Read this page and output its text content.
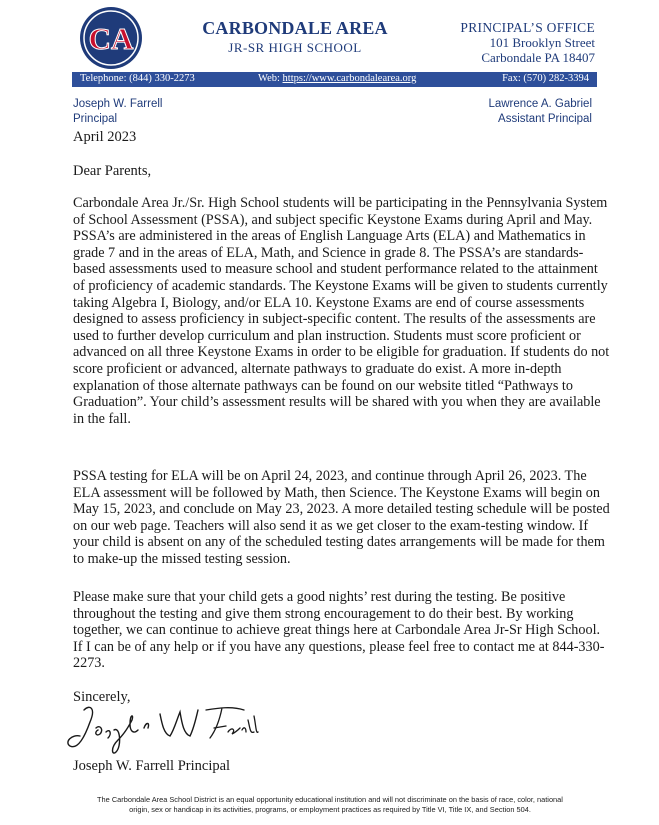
CA	CARBONDALE AREA
JR-SR HIGH SCHOOL
PRINCIPAL’S OFFICE
101 Brooklyn Street
Carbondale PA 18407
Telephone: (844) 330-2273	Web: https://www.carbondalearea.org	Fax: (570) 282-3394
Joseph W. Farrell
Principal
Lawrence A. Gabriel
Assistant Principal
April 2023
Dear Parents,

Carbondale Area Jr./Sr. High School students will be participating in the Pennsylvania System of School Assessment (PSSA), and subject specific Keystone Exams during April and May. PSSA’s are administered in the areas of English Language Arts (ELA) and Mathematics in grade 7 and in the areas of ELA, Math, and Science in grade 8. The PSSA’s are standards-based assessments used to measure school and student performance related to the attainment of proficiency of academic standards. The Keystone Exams will be given to students currently taking Algebra I, Biology, and/or ELA 10. Keystone Exams are end of course assessments designed to assess proficiency in subject-specific content. The results of the assessments are used to further develop curriculum and plan instruction. Students must score proficient or advanced on all three Keystone Exams in order to be eligible for graduation. If students do not score proficient or advanced, alternate pathways to graduate do exist. A more in-depth explanation of those alternate pathways can be found on our website titled “Pathways to Graduation”. Your child’s assessment results will be shared with you when they are available in the fall.

PSSA testing for ELA will be on April 24, 2023, and continue through April 26, 2023. The ELA assessment will be followed by Math, then Science. The Keystone Exams will begin on May 15, 2023, and conclude on May 23, 2023. A more detailed testing schedule will be posted on our web page. Teachers will also send it as we get closer to the exam-testing window. If your child is absent on any of the scheduled testing dates arrangements will be made for them to make-up the missed testing session.

Please make sure that your child gets a good nights’ rest during the testing. Be positive throughout the testing and give them strong encouragement to do their best. By working together, we can continue to achieve great things here at Carbondale Area Jr-Sr High School. If I can be of any help or if you have any questions, please feel free to contact me at 844-330-2273.

Sincerely,
Joseph W. Farrell Principal
The Carbondale Area School District is an equal opportunity educational institution and will not discriminate on the basis of race, color, national
origin, sex or handicap in its activities, programs, or employment practices as required by Title VI, Title IX, and Section 504.
